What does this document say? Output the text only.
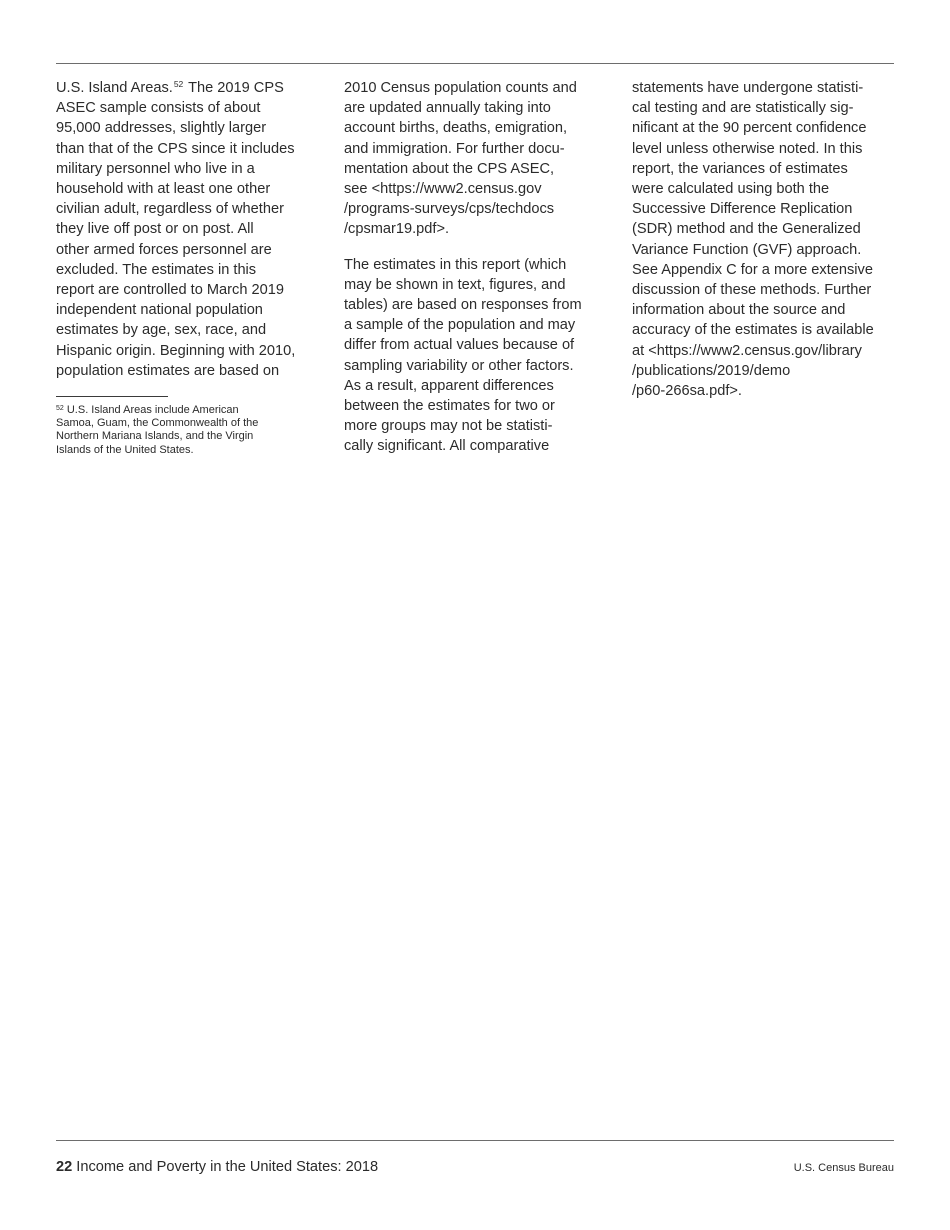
U.S. Island Areas.$^{52}$ The 2019 CPS
ASEC sample consists of about
95,000 addresses, slightly larger
than that of the CPS since it includes
military personnel who live in a
household with at least one other
civilian adult, regardless of whether
they live off post or on post. All
other armed forces personnel are
excluded. The estimates in this
report are controlled to March 2019
independent national population
estimates by age, sex, race, and
Hispanic origin. Beginning with 2010,
population estimates are based on

$^{52}$ U.S. Island Areas include American
Samoa, Guam, the Commonwealth of the
Northern Mariana Islands, and the Virgin
Islands of the United States.

2010 Census population counts and
are updated annually taking into
account births, deaths, emigration,
and immigration. For further docu-
mentation about the CPS ASEC,
see <https://www2.census.gov
/programs-surveys/cps/techdocs
/cpsmar19.pdf>.

The estimates in this report (which
may be shown in text, figures, and
tables) are based on responses from
a sample of the population and may
differ from actual values because of
sampling variability or other factors.
As a result, apparent differences
between the estimates for two or
more groups may not be statisti-
cally significant. All comparative

statements have undergone statisti-
cal testing and are statistically sig-
nificant at the 90 percent confidence
level unless otherwise noted. In this
report, the variances of estimates
were calculated using both the
Successive Difference Replication
(SDR) method and the Generalized
Variance Function (GVF) approach.
See Appendix C for a more extensive
discussion of these methods. Further
information about the source and
accuracy of the estimates is available
at <https://www2.census.gov/library
/publications/2019/demo
/p60-266sa.pdf>.

22 Income and Poverty in the United States: 2018	U.S. Census Bureau
